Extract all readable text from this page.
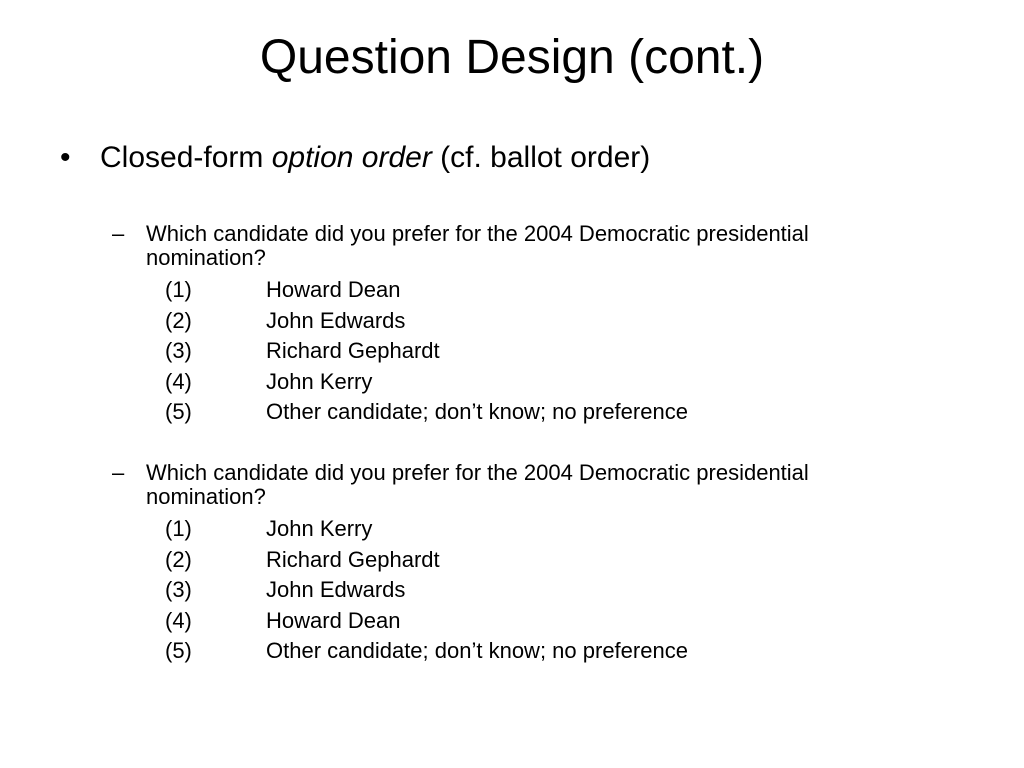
Question Design (cont.)
• Closed-form option order (cf. ballot order)
– Which candidate did you prefer for the 2004 Democratic presidential nomination?
(1)	Howard Dean
(2)	John Edwards
(3)	Richard Gephardt
(4)	John Kerry
(5)	Other candidate; don’t know; no preference
– Which candidate did you prefer for the 2004 Democratic presidential nomination?
(1)	John Kerry
(2)	Richard Gephardt
(3)	John Edwards
(4)	Howard Dean
(5)	Other candidate; don’t know; no preference
